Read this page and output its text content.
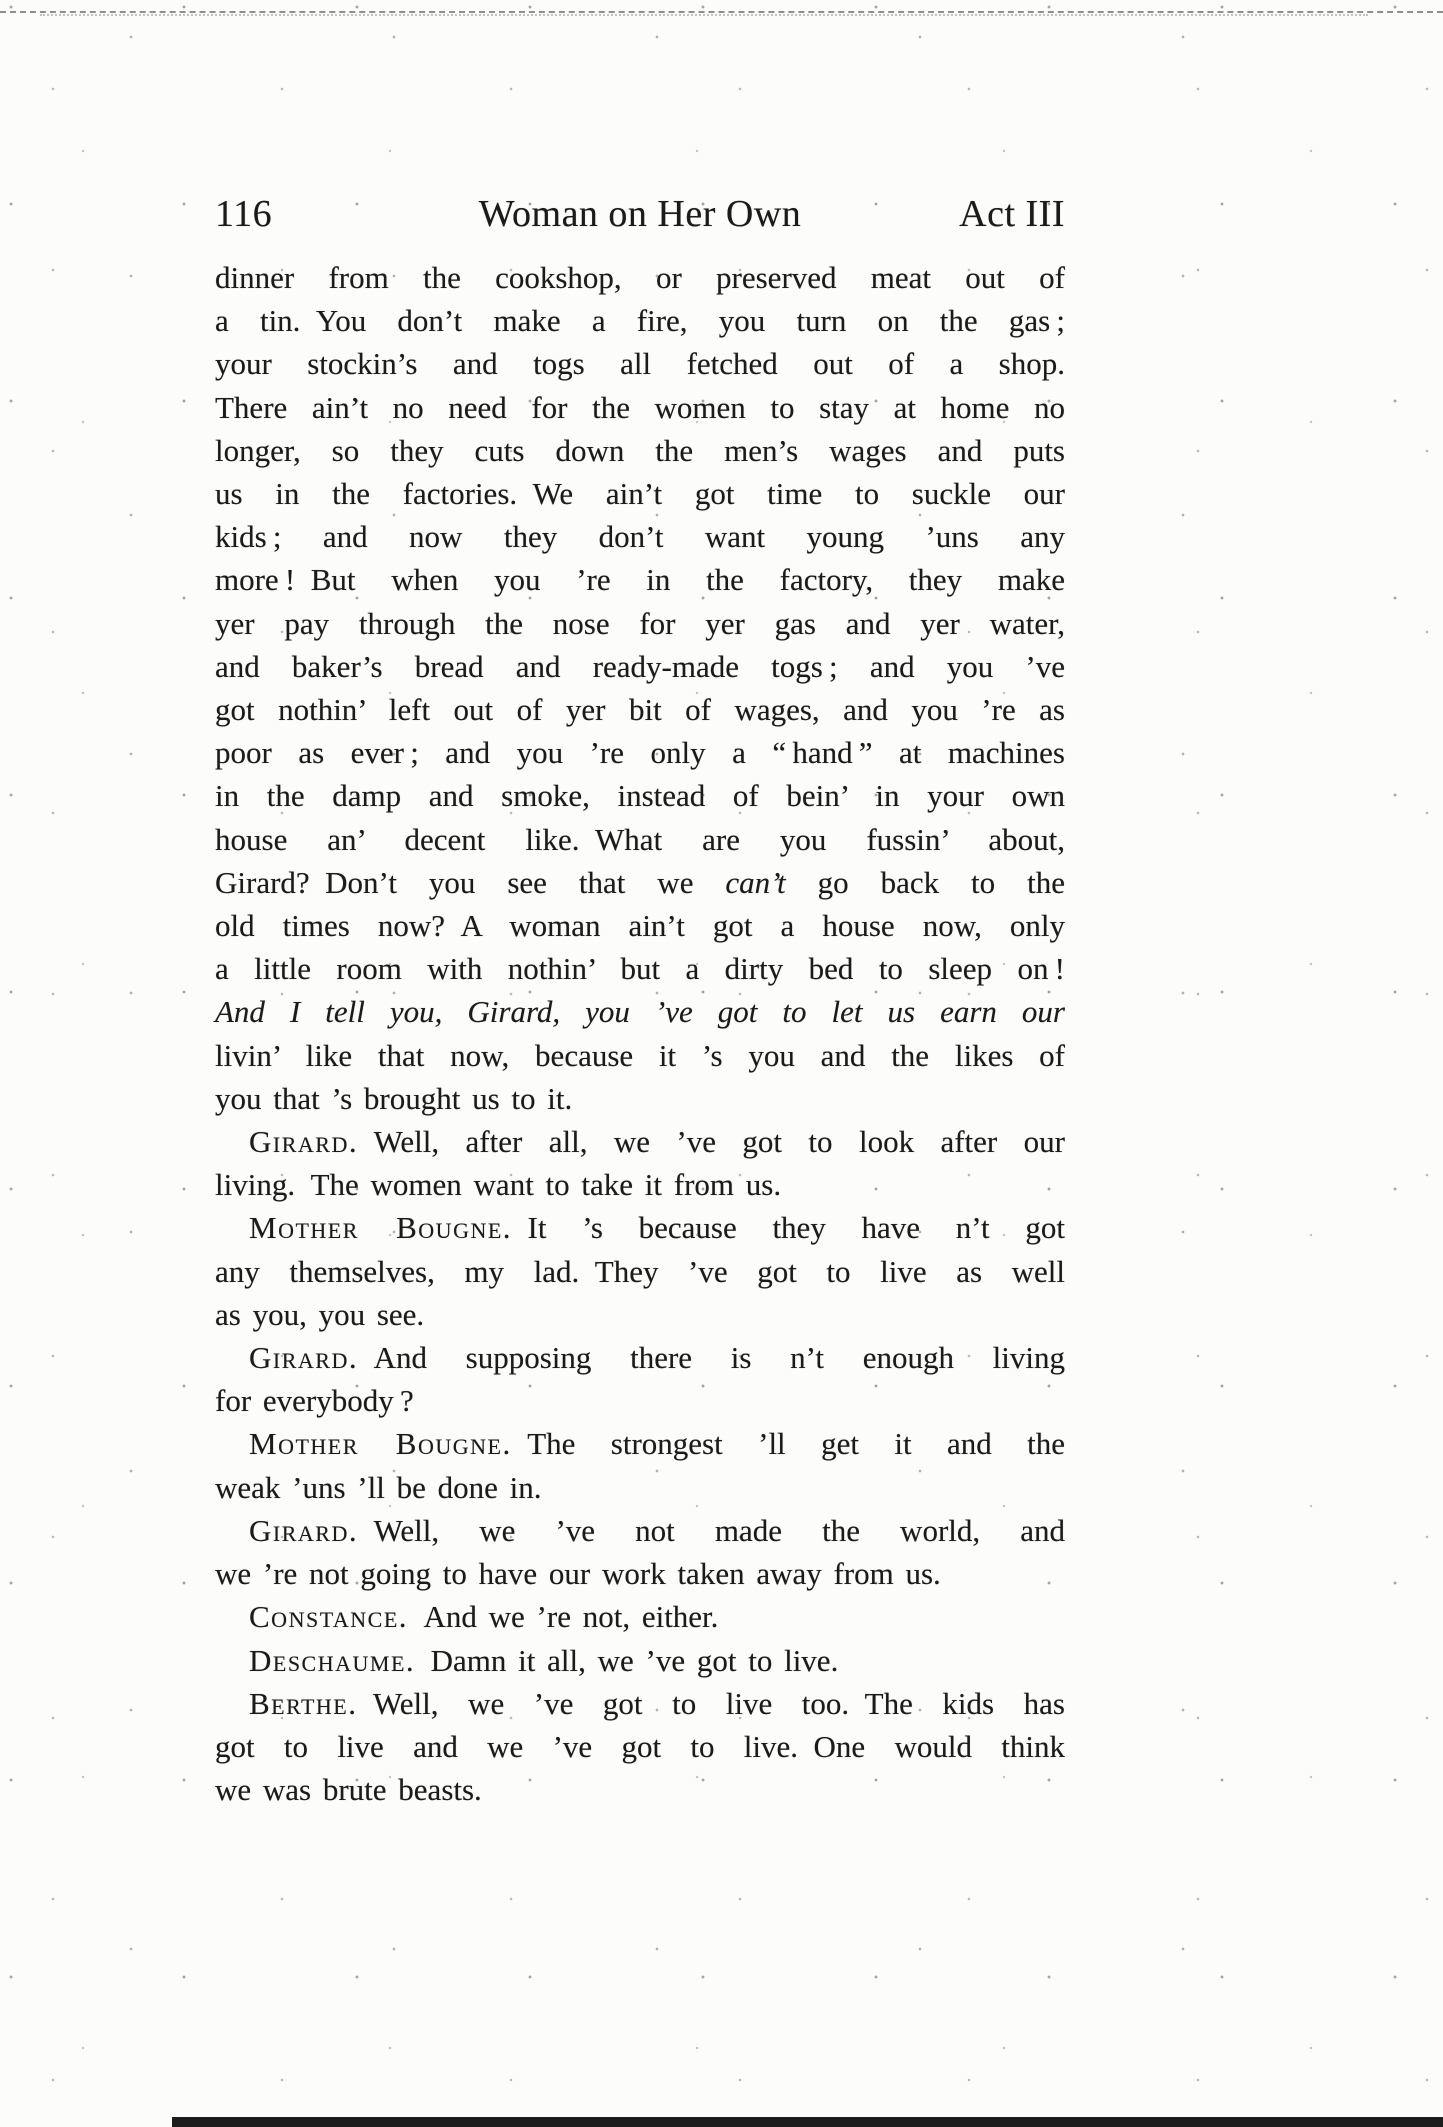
116	Woman on Her Own	Act III
dinner from the cookshop, or preserved meat out of
a tin. You don’t make a fire, you turn on the gas ;
your stockin’s and togs all fetched out of a shop.
There ain’t no need for the women to stay at home no
longer, so they cuts down the men’s wages and puts
us in the factories. We ain’t got time to suckle our
kids ; and now they don’t want young ’uns any
more ! But when you ’re in the factory, they make
yer pay through the nose for yer gas and yer water,
and baker’s bread and ready-made togs ; and you ’ve
got nothin’ left out of yer bit of wages, and you ’re as
poor as ever ; and you ’re only a “ hand ” at machines
in the damp and smoke, instead of bein’ in your own
house an’ decent like. What are you fussin’ about,
Girard? Don’t you see that we can’t go back to the
old times now? A woman ain’t got a house now, only
a little room with nothin’ but a dirty bed to sleep on !
And I tell you, Girard, you ’ve got to let us earn our
livin’ like that now, because it ’s you and the likes of
you that ’s brought us to it.
Girard. Well, after all, we ’ve got to look after our
living. The women want to take it from us.
Mother Bougne. It ’s because they have n’t got
any themselves, my lad. They ’ve got to live as well
as you, you see.
Girard. And supposing there is n’t enough living
for everybody ?
Mother Bougne. The strongest ’ll get it and the
weak ’uns ’ll be done in.
Girard. Well, we ’ve not made the world, and
we ’re not going to have our work taken away from us.
Constance. And we ’re not, either.
Deschaume. Damn it all, we ’ve got to live.
Berthe. Well, we ’ve got to live too. The kids has
got to live and we ’ve got to live. One would think
we was brute beasts.
